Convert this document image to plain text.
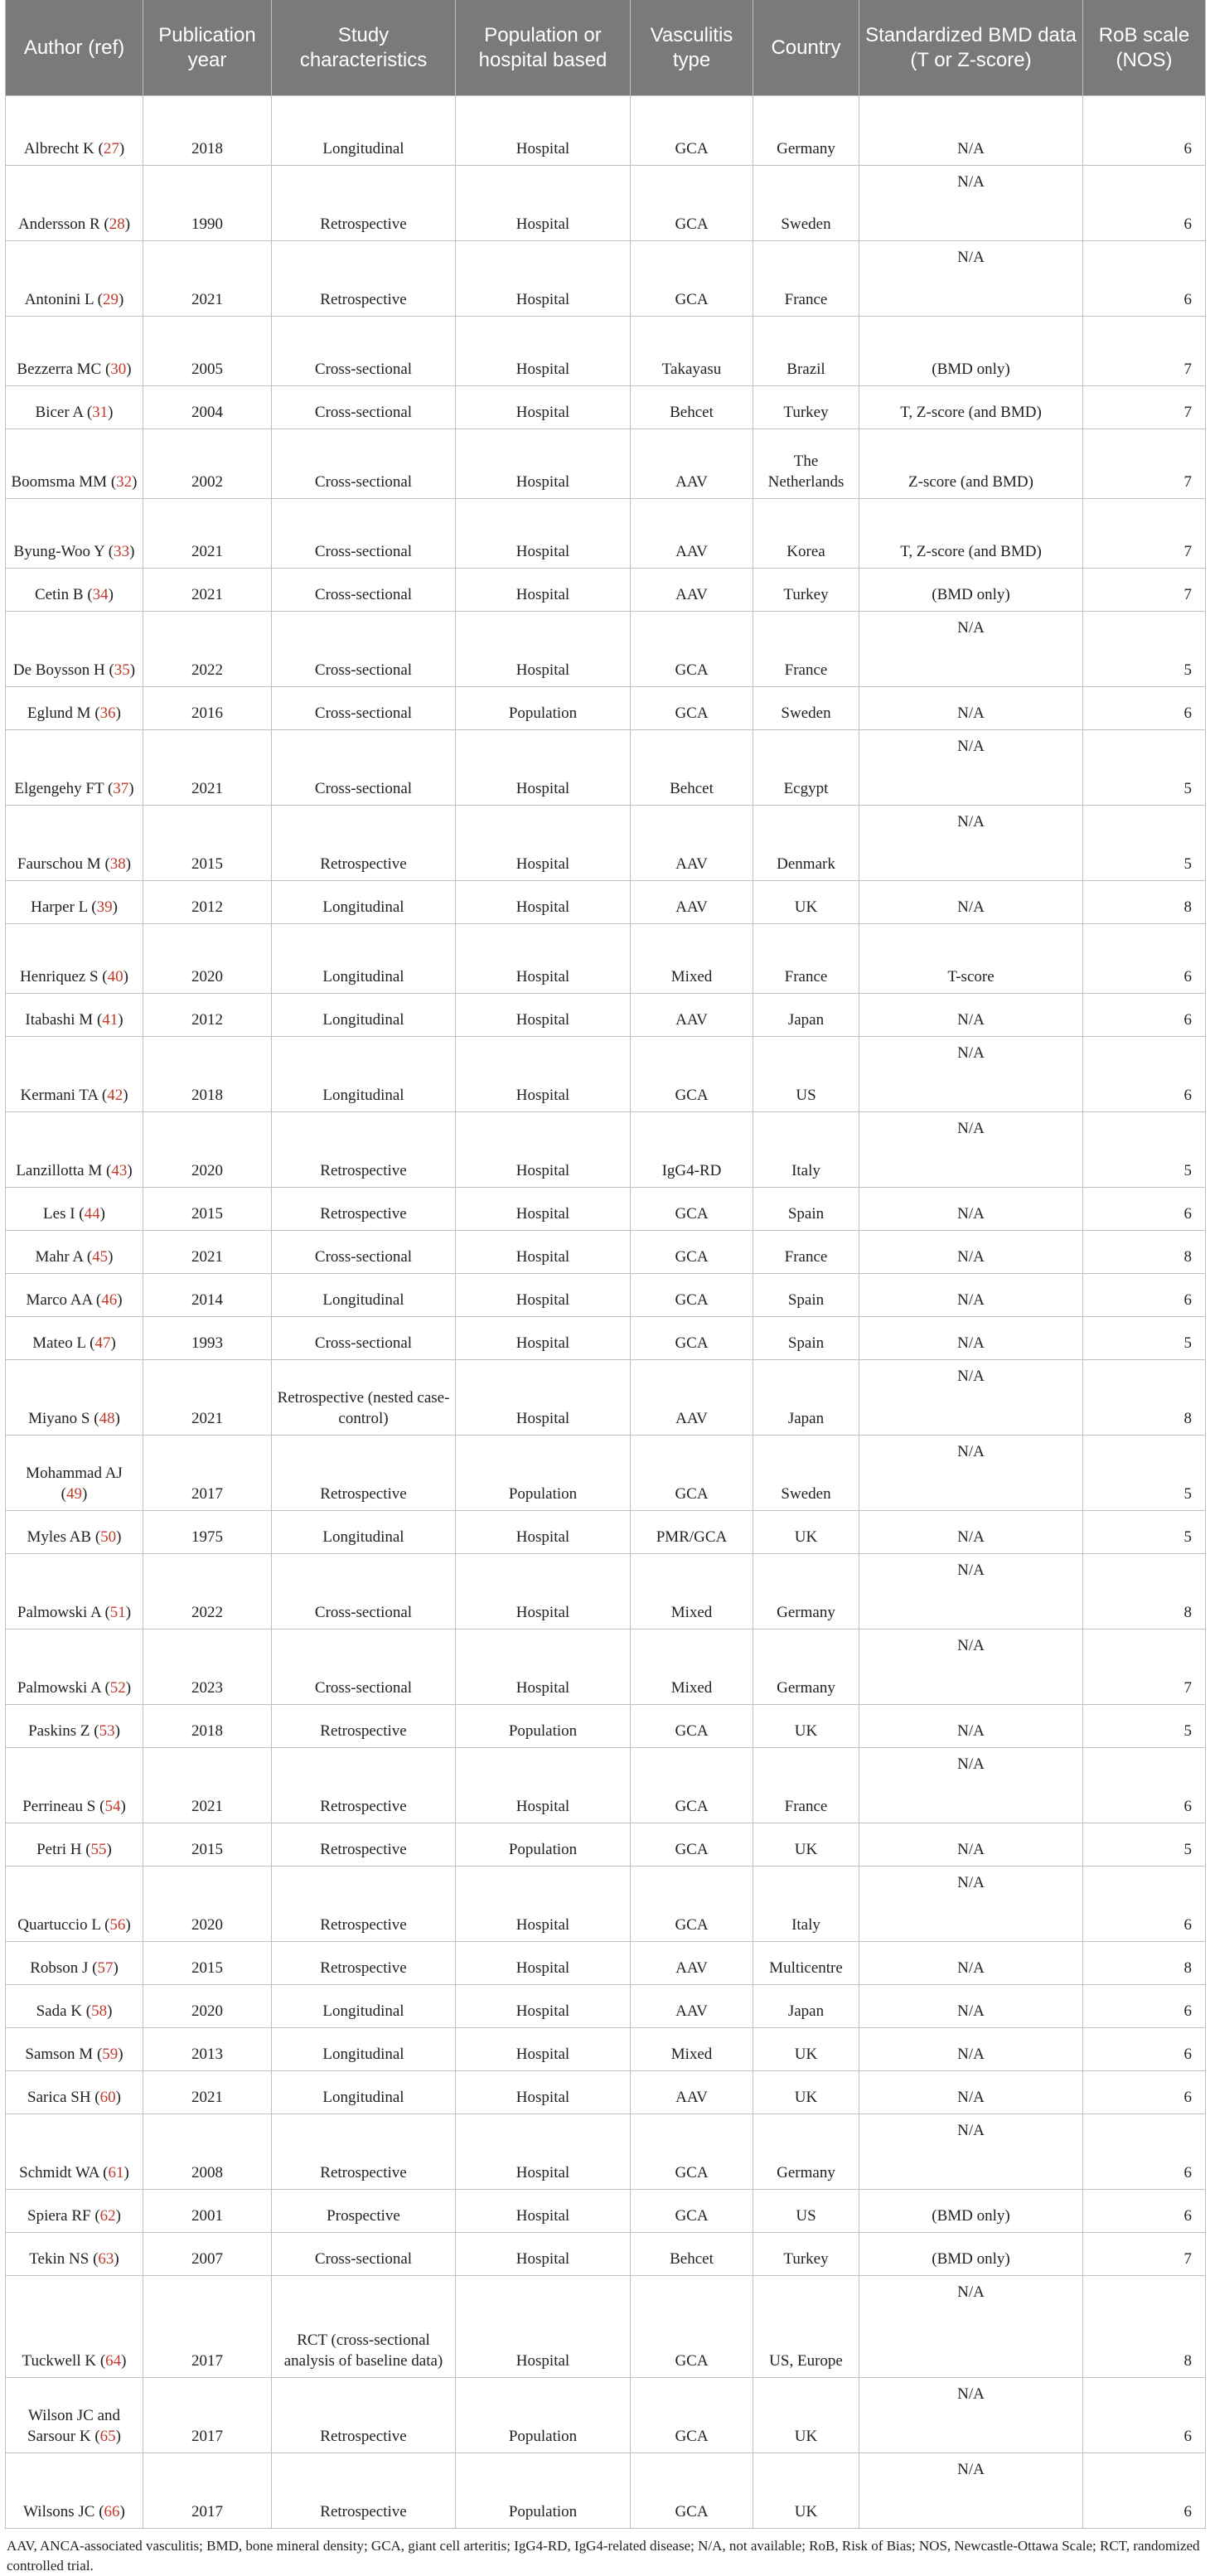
Author (ref)	Publication year	Study characteristics	Population or hospital based	Vasculitis type	Country	Standardized BMD data (T or Z-score)	RoB scale (NOS)
Albrecht K (27)	2018	Longitudinal	Hospital	GCA	Germany	N/A	6
Andersson R (28)	1990	Retrospective	Hospital	GCA	Sweden	N/A	6
Antonini L (29)	2021	Retrospective	Hospital	GCA	France	N/A	6
Bezzerra MC (30)	2005	Cross-sectional	Hospital	Takayasu	Brazil	(BMD only)	7
Bicer A (31)	2004	Cross-sectional	Hospital	Behcet	Turkey	T, Z-score (and BMD)	7
Boomsma MM (32)	2002	Cross-sectional	Hospital	AAV	The Netherlands	Z-score (and BMD)	7
Byung-Woo Y (33)	2021	Cross-sectional	Hospital	AAV	Korea	T, Z-score (and BMD)	7
Cetin B (34)	2021	Cross-sectional	Hospital	AAV	Turkey	(BMD only)	7
De Boysson H (35)	2022	Cross-sectional	Hospital	GCA	France	N/A	5
Eglund M (36)	2016	Cross-sectional	Population	GCA	Sweden	N/A	6
Elgengehy FT (37)	2021	Cross-sectional	Hospital	Behcet	Ecgypt	N/A	5
Faurschou M (38)	2015	Retrospective	Hospital	AAV	Denmark	N/A	5
Harper L (39)	2012	Longitudinal	Hospital	AAV	UK	N/A	8
Henriquez S (40)	2020	Longitudinal	Hospital	Mixed	France	T-score	6
Itabashi M (41)	2012	Longitudinal	Hospital	AAV	Japan	N/A	6
Kermani TA (42)	2018	Longitudinal	Hospital	GCA	US	N/A	6
Lanzillotta M (43)	2020	Retrospective	Hospital	IgG4-RD	Italy	N/A	5
Les I (44)	2015	Retrospective	Hospital	GCA	Spain	N/A	6
Mahr A (45)	2021	Cross-sectional	Hospital	GCA	France	N/A	8
Marco AA (46)	2014	Longitudinal	Hospital	GCA	Spain	N/A	6
Mateo L (47)	1993	Cross-sectional	Hospital	GCA	Spain	N/A	5
Miyano S (48)	2021	Retrospective (nested case-control)	Hospital	AAV	Japan	N/A	8
Mohammad AJ (49)	2017	Retrospective	Population	GCA	Sweden	N/A	5
Myles AB (50)	1975	Longitudinal	Hospital	PMR/GCA	UK	N/A	5
Palmowski A (51)	2022	Cross-sectional	Hospital	Mixed	Germany	N/A	8
Palmowski A (52)	2023	Cross-sectional	Hospital	Mixed	Germany	N/A	7
Paskins Z (53)	2018	Retrospective	Population	GCA	UK	N/A	5
Perrineau S (54)	2021	Retrospective	Hospital	GCA	France	N/A	6
Petri H (55)	2015	Retrospective	Population	GCA	UK	N/A	5
Quartuccio L (56)	2020	Retrospective	Hospital	GCA	Italy	N/A	6
Robson J (57)	2015	Retrospective	Hospital	AAV	Multicentre	N/A	8
Sada K (58)	2020	Longitudinal	Hospital	AAV	Japan	N/A	6
Samson M (59)	2013	Longitudinal	Hospital	Mixed	UK	N/A	6
Sarica SH (60)	2021	Longitudinal	Hospital	AAV	UK	N/A	6
Schmidt WA (61)	2008	Retrospective	Hospital	GCA	Germany	N/A	6
Spiera RF (62)	2001	Prospective	Hospital	GCA	US	(BMD only)	6
Tekin NS (63)	2007	Cross-sectional	Hospital	Behcet	Turkey	(BMD only)	7
Tuckwell K (64)	2017	RCT (cross-sectional analysis of baseline data)	Hospital	GCA	US, Europe	N/A	8
Wilson JC and Sarsour K (65)	2017	Retrospective	Population	GCA	UK	N/A	6
Wilsons JC (66)	2017	Retrospective	Population	GCA	UK	N/A	6
AAV, ANCA-associated vasculitis; BMD, bone mineral density; GCA, giant cell arteritis; IgG4-RD, IgG4-related disease; N/A, not available; RoB, Risk of Bias; NOS, Newcastle-Ottawa Scale; RCT, randomized controlled trial.
